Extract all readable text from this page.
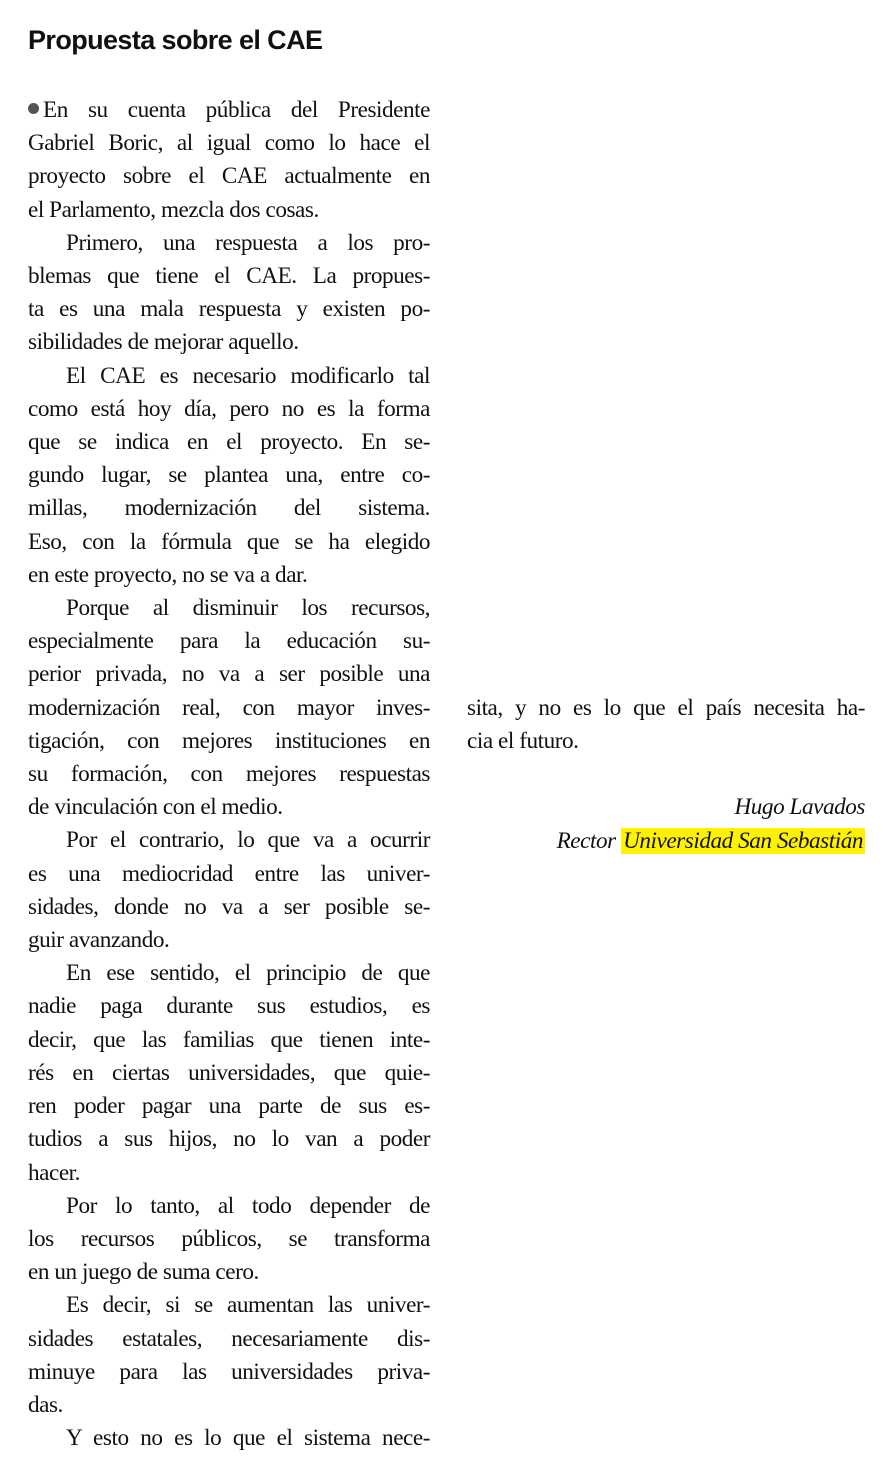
Propuesta sobre el CAE
En su cuenta pública del Presidente
Gabriel Boric, al igual como lo hace el
proyecto sobre el CAE actualmente en
el Parlamento, mezcla dos cosas.
Primero, una respuesta a los pro-
blemas que tiene el CAE. La propues-
ta es una mala respuesta y existen po-
sibilidades de mejorar aquello.
El CAE es necesario modificarlo tal
como está hoy día, pero no es la forma
que se indica en el proyecto. En se-
gundo lugar, se plantea una, entre co-
millas, modernización del sistema.
Eso, con la fórmula que se ha elegido
en este proyecto, no se va a dar.
Porque al disminuir los recursos,
especialmente para la educación su-
perior privada, no va a ser posible una
modernización real, con mayor inves-
tigación, con mejores instituciones en
su formación, con mejores respuestas
de vinculación con el medio.
Por el contrario, lo que va a ocurrir
es una mediocridad entre las univer-
sidades, donde no va a ser posible se-
guir avanzando.
En ese sentido, el principio de que
nadie paga durante sus estudios, es
decir, que las familias que tienen inte-
rés en ciertas universidades, que quie-
ren poder pagar una parte de sus es-
tudios a sus hijos, no lo van a poder
hacer.
Por lo tanto, al todo depender de
los recursos públicos, se transforma
en un juego de suma cero.
Es decir, si se aumentan las univer-
sidades estatales, necesariamente dis-
minuye para las universidades priva-
das.
Y esto no es lo que el sistema nece-
sita, y no es lo que el país necesita ha-
cia el futuro.
Hugo Lavados
Rector Universidad San Sebastián
